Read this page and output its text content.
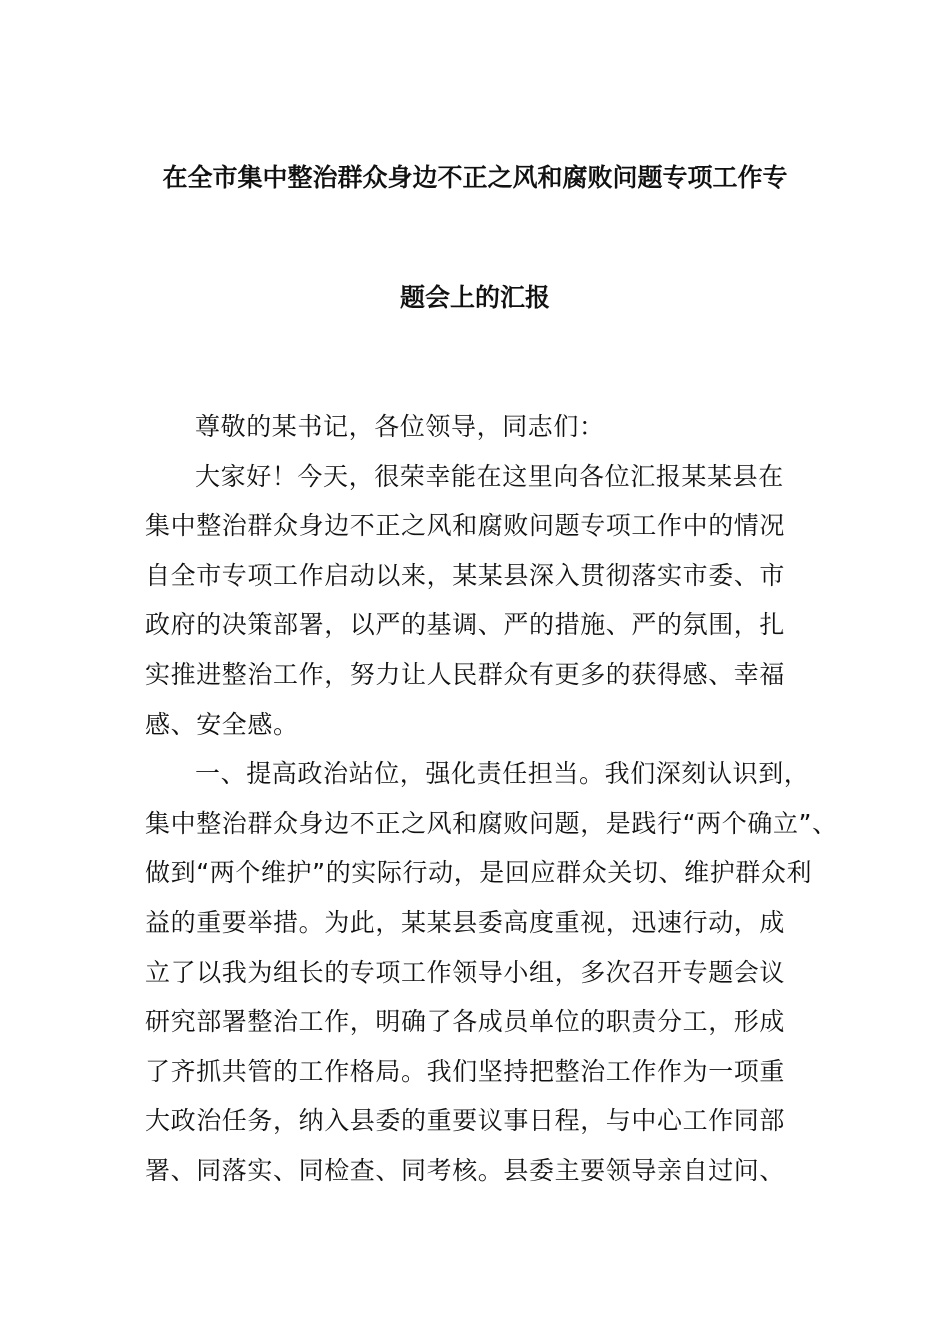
在全市集中整治群众身边不正之风和腐败问题专项工作专
题会上的汇报
尊敬的某书记，各位领导，同志们：
大家好！今天，很荣幸能在这里向各位汇报某某县在
集中整治群众身边不正之风和腐败问题专项工作中的情况
自全市专项工作启动以来，某某县深入贯彻落实市委、市
政府的决策部署，以严的基调、严的措施、严的氛围，扎
实推进整治工作，努力让人民群众有更多的获得感、幸福
感、安全感。
一、提高政治站位，强化责任担当。我们深刻认识到，
集中整治群众身边不正之风和腐败问题，是践行“两个确立”、
做到“两个维护”的实际行动，是回应群众关切、维护群众利
益的重要举措。为此，某某县委高度重视，迅速行动，成
立了以我为组长的专项工作领导小组，多次召开专题会议
研究部署整治工作，明确了各成员单位的职责分工，形成
了齐抓共管的工作格局。我们坚持把整治工作作为一项重
大政治任务，纳入县委的重要议事日程，与中心工作同部
署、同落实、同检查、同考核。县委主要领导亲自过问、
